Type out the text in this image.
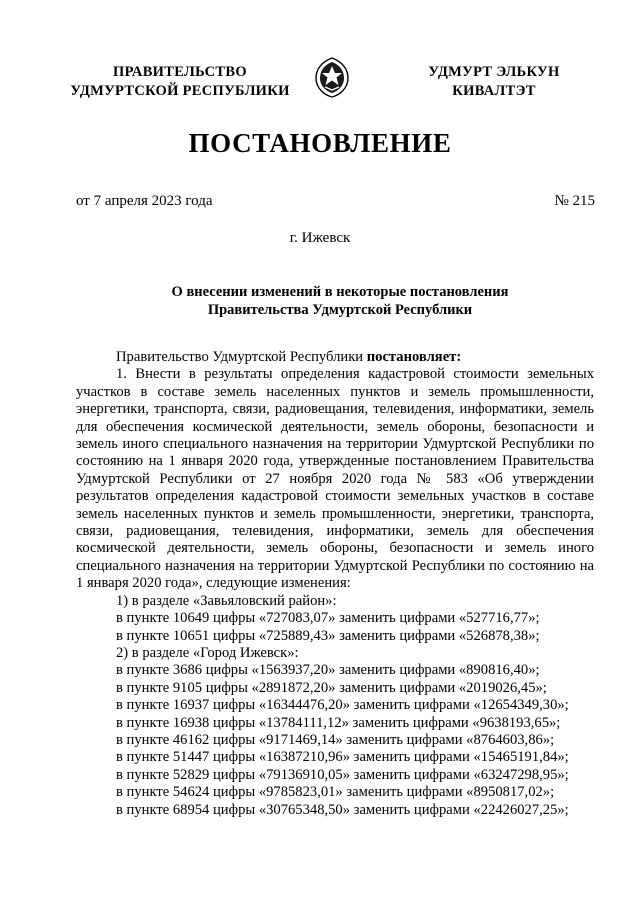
ПРАВИТЕЛЬСТВО
УДМУРТСКОЙ РЕСПУБЛИКИ
УДМУРТ ЭЛЬКУН
КИВАЛТЭТ
ПОСТАНОВЛЕНИЕ
от 7 апреля 2023 года	№ 215
г. Ижевск
О внесении изменений в некоторые постановления
Правительства Удмуртской Республики

Правительство Удмуртской Республики постановляет:

1. Внести в результаты определения кадастровой стоимости земельных участков в составе земель населенных пунктов и земель промышленности, энергетики, транспорта, связи, радиовещания, телевидения, информатики, земель для обеспечения космической деятельности, земель обороны, безопасности и земель иного специального назначения на территории Удмуртской Республики по состоянию на 1 января 2020 года, утвержденные постановлением Правительства Удмуртской Республики от 27 ноября 2020 года № 583 «Об утверждении результатов определения кадастровой стоимости земельных участков в составе земель населенных пунктов и земель промышленности, энергетики, транспорта, связи, радиовещания, телевидения, информатики, земель для обеспечения космической деятельности, земель обороны, безопасности и земель иного специального назначения на территории Удмуртской Республики по состоянию на 1 января 2020 года», следующие изменения:

1) в разделе «Завьяловский район»:

в пункте 10649 цифры «727083,07» заменить цифрами «527716,77»;

в пункте 10651 цифры «725889,43» заменить цифрами «526878,38»;

2) в разделе «Город Ижевск»:

в пункте 3686 цифры «1563937,20» заменить цифрами «890816,40»;

в пункте 9105 цифры «2891872,20» заменить цифрами «2019026,45»;

в пункте 16937 цифры «16344476,20» заменить цифрами «12654349,30»;

в пункте 16938 цифры «13784111,12» заменить цифрами «9638193,65»;

в пункте 46162 цифры «9171469,14» заменить цифрами «8764603,86»;

в пункте 51447 цифры «16387210,96» заменить цифрами «15465191,84»;

в пункте 52829 цифры «79136910,05» заменить цифрами «63247298,95»;

в пункте 54624 цифры «9785823,01» заменить цифрами «8950817,02»;

в пункте 68954 цифры «30765348,50» заменить цифрами «22426027,25»;
